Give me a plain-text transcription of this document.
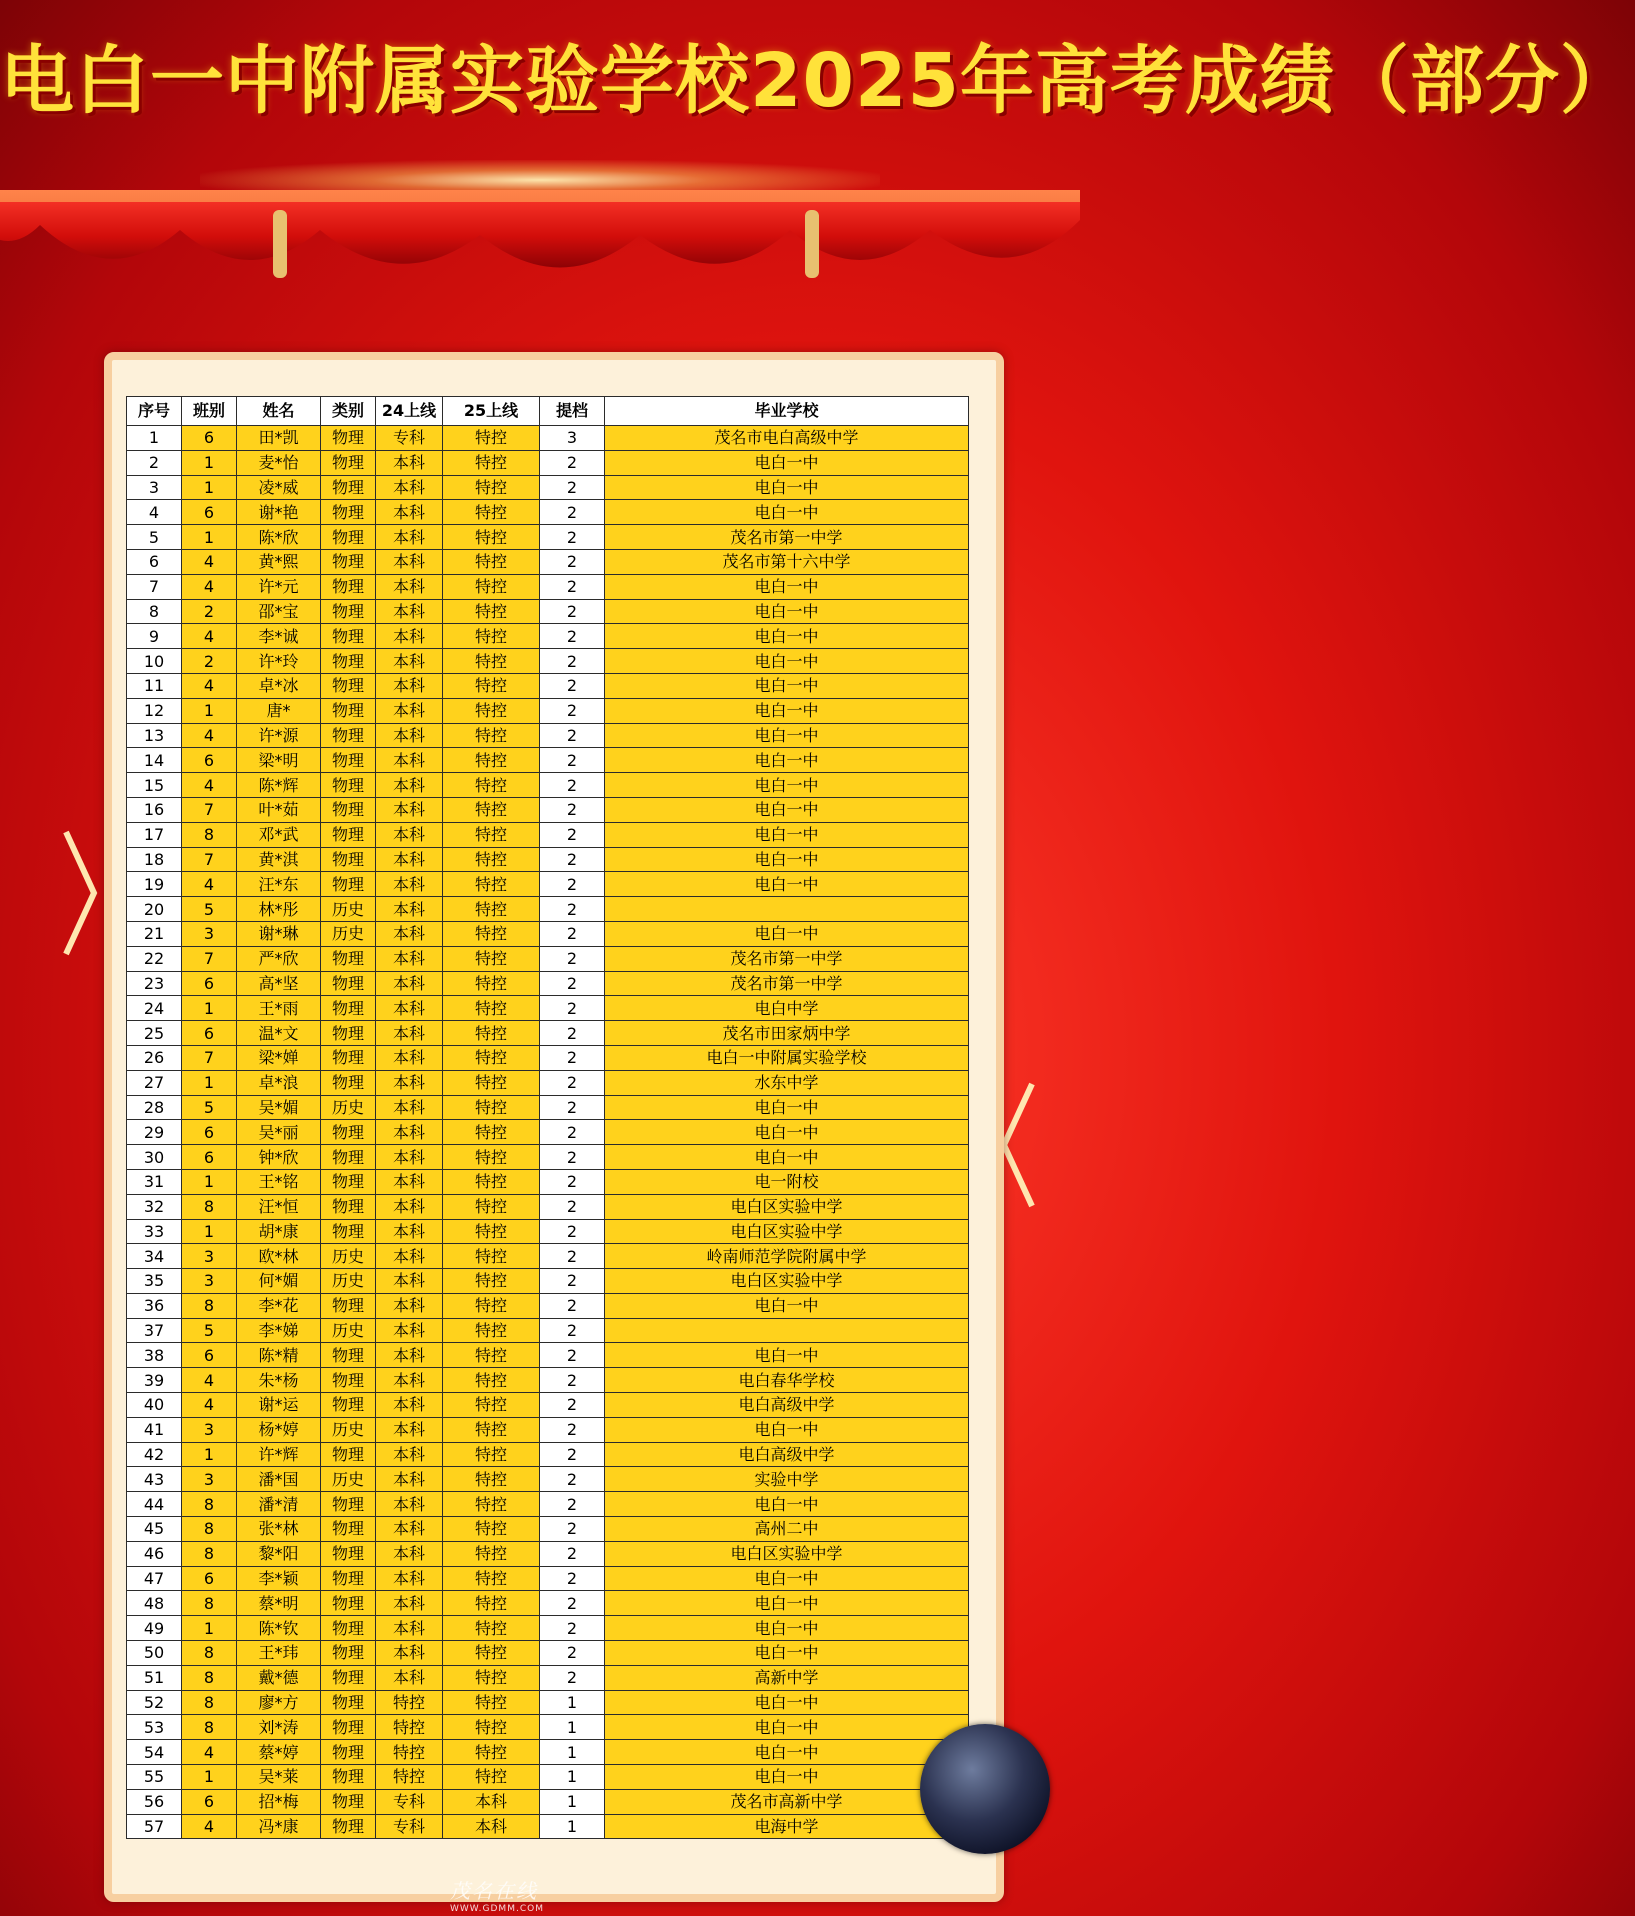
电白一中附属实验学校2025年高考成绩（部分）
序号	班别	姓名	类别	24上线	25上线	提档	毕业学校
1	6	田*凯	物理	专科	特控	3	茂名市电白高级中学
2	1	麦*怡	物理	本科	特控	2	电白一中
3	1	凌*威	物理	本科	特控	2	电白一中
4	6	谢*艳	物理	本科	特控	2	电白一中
5	1	陈*欣	物理	本科	特控	2	茂名市第一中学
6	4	黄*熙	物理	本科	特控	2	茂名市第十六中学
7	4	许*元	物理	本科	特控	2	电白一中
8	2	邵*宝	物理	本科	特控	2	电白一中
9	4	李*诚	物理	本科	特控	2	电白一中
10	2	许*玲	物理	本科	特控	2	电白一中
11	4	卓*冰	物理	本科	特控	2	电白一中
12	1	唐*	物理	本科	特控	2	电白一中
13	4	许*源	物理	本科	特控	2	电白一中
14	6	梁*明	物理	本科	特控	2	电白一中
15	4	陈*辉	物理	本科	特控	2	电白一中
16	7	叶*茹	物理	本科	特控	2	电白一中
17	8	邓*武	物理	本科	特控	2	电白一中
18	7	黄*淇	物理	本科	特控	2	电白一中
19	4	汪*东	物理	本科	特控	2	电白一中
20	5	林*彤	历史	本科	特控	2	
21	3	谢*琳	历史	本科	特控	2	电白一中
22	7	严*欣	物理	本科	特控	2	茂名市第一中学
23	6	高*坚	物理	本科	特控	2	茂名市第一中学
24	1	王*雨	物理	本科	特控	2	电白中学
25	6	温*文	物理	本科	特控	2	茂名市田家炳中学
26	7	梁*婵	物理	本科	特控	2	电白一中附属实验学校
27	1	卓*浪	物理	本科	特控	2	水东中学
28	5	吴*媚	历史	本科	特控	2	电白一中
29	6	吴*丽	物理	本科	特控	2	电白一中
30	6	钟*欣	物理	本科	特控	2	电白一中
31	1	王*铭	物理	本科	特控	2	电一附校
32	8	汪*恒	物理	本科	特控	2	电白区实验中学
33	1	胡*康	物理	本科	特控	2	电白区实验中学
34	3	欧*林	历史	本科	特控	2	岭南师范学院附属中学
35	3	何*媚	历史	本科	特控	2	电白区实验中学
36	8	李*花	物理	本科	特控	2	电白一中
37	5	李*娣	历史	本科	特控	2	
38	6	陈*精	物理	本科	特控	2	电白一中
39	4	朱*杨	物理	本科	特控	2	电白春华学校
40	4	谢*运	物理	本科	特控	2	电白高级中学
41	3	杨*婷	历史	本科	特控	2	电白一中
42	1	许*辉	物理	本科	特控	2	电白高级中学
43	3	潘*国	历史	本科	特控	2	实验中学
44	8	潘*清	物理	本科	特控	2	电白一中
45	8	张*林	物理	本科	特控	2	高州二中
46	8	黎*阳	物理	本科	特控	2	电白区实验中学
47	6	李*颖	物理	本科	特控	2	电白一中
48	8	蔡*明	物理	本科	特控	2	电白一中
49	1	陈*钦	物理	本科	特控	2	电白一中
50	8	王*玮	物理	本科	特控	2	电白一中
51	8	戴*德	物理	本科	特控	2	高新中学
52	8	廖*方	物理	特控	特控	1	电白一中
53	8	刘*涛	物理	特控	特控	1	电白一中
54	4	蔡*婷	物理	特控	特控	1	电白一中
55	1	吴*莱	物理	特控	特控	1	电白一中
56	6	招*梅	物理	专科	本科	1	茂名市高新中学
57	4	冯*康	物理	专科	本科	1	电海中学
茂名在线
WWW.GDMM.COM
